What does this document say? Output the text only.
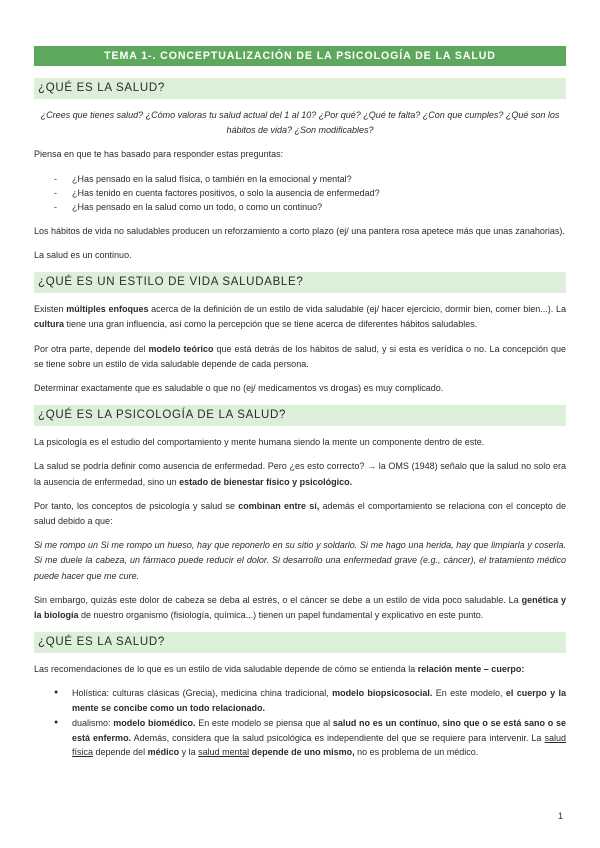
TEMA 1-. CONCEPTUALIZACIÓN DE LA PSICOLOGÍA DE LA SALUD
¿QUÉ ES LA SALUD?

¿Crees que tienes salud? ¿Cómo valoras tu salud actual del 1 al 10? ¿Por qué? ¿Qué te falta? ¿Con que cumples? ¿Qué son los hábitos de vida? ¿Son modificables?

Piensa en que te has basado para responder estas preguntas:

- ¿Has pensado en la salud física, o también en la emocional y mental?
- ¿Has tenido en cuenta factores positivos, o solo la ausencia de enfermedad?
- ¿Has pensado en la salud como un todo, o como un continuo?

Los hábitos de vida no saludables producen un reforzamiento a corto plazo (ej/ una pantera rosa apetece más que unas zanahorias).

La salud es un continuo.

¿QUÉ ES UN ESTILO DE VIDA SALUDABLE?

Existen múltiples enfoques acerca de la definición de un estilo de vida saludable (ej/ hacer ejercicio, dormir bien, comer bien...). La cultura tiene una gran influencia, así como la percepción que se tiene acerca de diferentes hábitos saludables.

Por otra parte, depende del modelo teórico que está detrás de los hábitos de salud, y si esta es verídica o no. La concepción que se tiene sobre un estilo de vida saludable depende de cada persona.

Determinar exactamente que es saludable o que no (ej/ medicamentos vs drogas) es muy complicado.

¿QUÉ ES LA PSICOLOGÍA DE LA SALUD?

La psicología es el estudio del comportamiento y mente humana siendo la mente un componente dentro de este.

La salud se podría definir como ausencia de enfermedad. Pero ¿es esto correcto? → la OMS (1948) señalo que la salud no solo era la ausencia de enfermedad, sino un estado de bienestar físico y psicológico.

Por tanto, los conceptos de psicología y salud se combinan entre sí, además el comportamiento se relaciona con el concepto de salud debido a que:

Si me rompo un Si me rompo un hueso, hay que reponerlo en su sitio y soldarlo. Si me hago una herida, hay que limpiarla y coserla. Si me duele la cabeza, un fármaco puede reducir el dolor. Si desarrollo una enfermedad grave (e.g., cáncer), el tratamiento médico puede hacer que me cure.

Sin embargo, quizás este dolor de cabeza se deba al estrés, o el cáncer se debe a un estilo de vida poco saludable. La genética y la biología de nuestro organismo (fisiología, química...) tienen un papel fundamental y explicativo en este punto.

¿QUÉ ES LA SALUD?

Las recomendaciones de lo que es un estilo de vida saludable depende de cómo se entienda la relación mente – cuerpo:

● Holística: culturas clásicas (Grecia), medicina china tradicional, modelo biopsicosocial. En este modelo, el cuerpo y la mente se concibe como un todo relacionado.
● dualismo: modelo biomédico. En este modelo se piensa que al salud no es un continuo, sino que o se está sano o se está enfermo. Además, considera que la salud psicológica es independiente del que se requiere para intervenir. La salud física depende del médico y la salud mental depende de uno mismo, no es problema de un médico.
1
